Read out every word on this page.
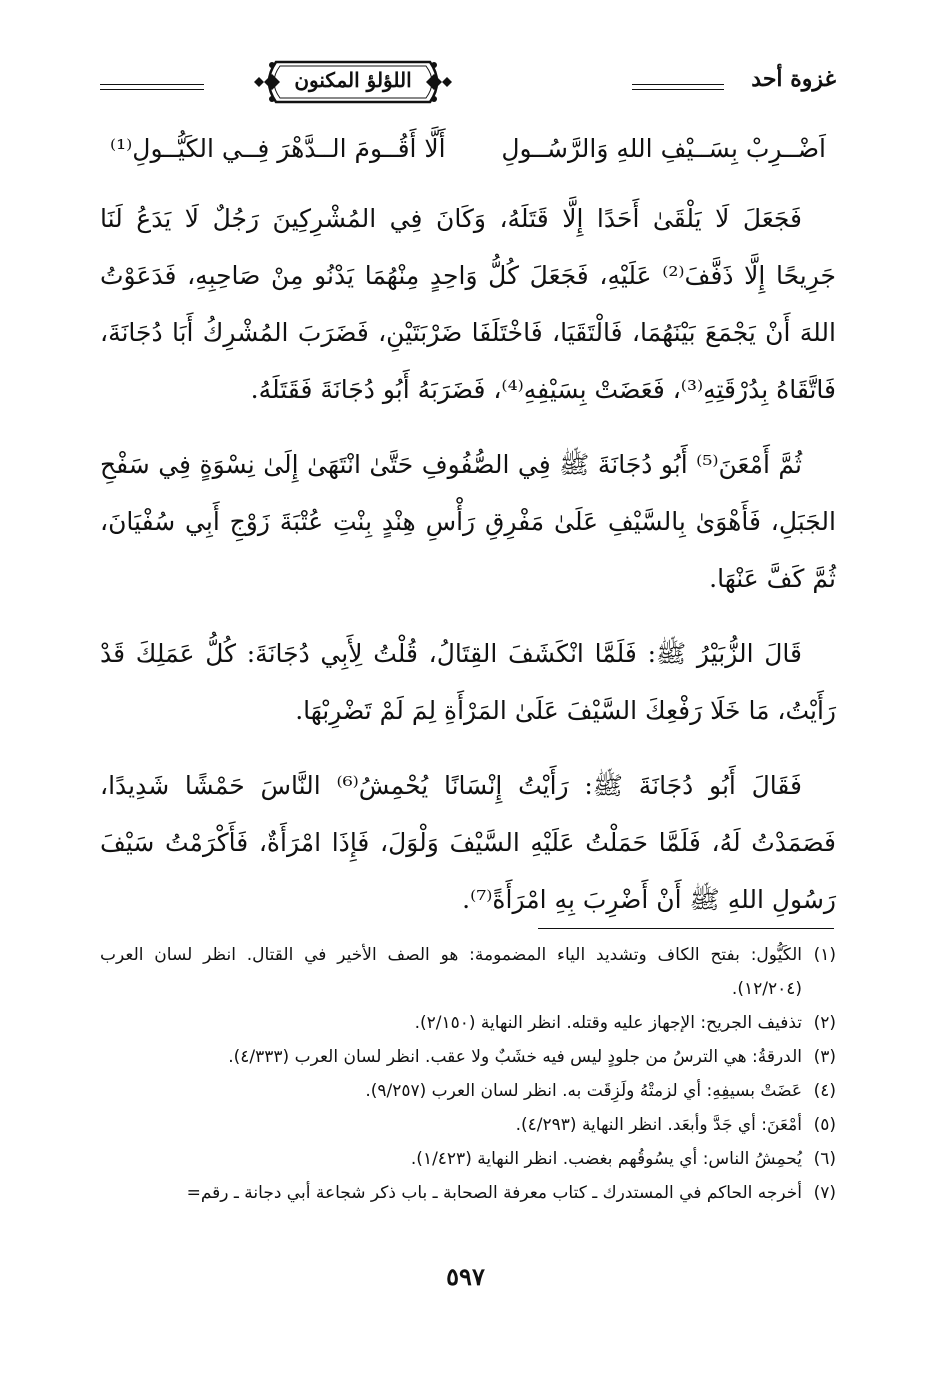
غزوة أحد
اللؤلؤ المكنون
اَضْــرِبْ بِسَــيْفِ اللهِ وَالرَّسُــولِ
أَلَّا أَقُــومَ الــدَّهْرَ فِــي الكَيُّــولِ⁽¹⁾

فَجَعَلَ لَا يَلْقَىٰ أَحَدًا إِلَّا قَتَلَهُ، وَكَانَ فِي المُشْرِكِينَ رَجُلٌ لَا يَدَعُ لَنَا جَرِيحًا إِلَّا ذَفَّفَ⁽²⁾ عَلَيْهِ، فَجَعَلَ كُلُّ وَاحِدٍ مِنْهُمَا يَدْنُو مِنْ صَاحِبِهِ، فَدَعَوْتُ اللهَ أَنْ يَجْمَعَ بَيْنَهُمَا، فَالْتَقَيَا، فَاخْتَلَفَا ضَرْبَتَيْنِ، فَضَرَبَ المُشْرِكُ أَبَا دُجَانَةَ، فَاتَّقَاهُ بِدُرْقَتِهِ⁽³⁾، فَعَضَتْ بِسَيْفِهِ⁽⁴⁾، فَضَرَبَهُ أَبُو دُجَانَةَ فَقَتَلَهُ.

ثُمَّ أَمْعَنَ⁽⁵⁾ أَبُو دُجَانَةَ ﷺ فِي الصُّفُوفِ حَتَّىٰ انْتَهَىٰ إِلَىٰ نِسْوَةٍ فِي سَفْحِ الجَبَلِ، فَأَهْوَىٰ بِالسَّيْفِ عَلَىٰ مَفْرِقِ رَأْسِ هِنْدٍ بِنْتِ عُتْبَةَ زَوْجِ أَبِي سُفْيَانَ، ثُمَّ كَفَّ عَنْهَا.

قَالَ الزُّبَيْرُ ﷺ: فَلَمَّا انْكَشَفَ القِتَالُ، قُلْتُ لِأَبِي دُجَانَةَ: كُلُّ عَمَلِكَ قَدْ رَأَيْتُ، مَا خَلَا رَفْعِكَ السَّيْفَ عَلَىٰ المَرْأَةِ لِمَ لَمْ تَضْرِبْهَا.

فَقَالَ أَبُو دُجَانَةَ ﷺ: رَأَيْتُ إِنْسَانًا يُحْمِشُ⁽⁶⁾ النَّاسَ حَمْشًا شَدِيدًا، فَصَمَدْتُ لَهُ، فَلَمَّا حَمَلْتُ عَلَيْهِ السَّيْفَ وَلْوَلَ، فَإِذَا امْرَأَةٌ، فَأَكْرَمْتُ سَيْفَ رَسُولِ اللهِ ﷺ أَنْ أَضْرِبَ بِهِ امْرَأَةً⁽⁷⁾.

(١)
الكَيُّول: بفتح الكاف وتشديد الياء المضمومة: هو الصف الأخير في القتال. انظر لسان العرب (١٢/٢٠٤).
(٢)
تذفيف الجريح: الإجهاز عليه وقتله. انظر النهاية (٢/١٥٠).
(٣)
الدرقةُ: هي الترسُ من جلودٍ ليس فيه خشَبٌ ولا عقب. انظر لسان العرب (٤/٣٣٣).
(٤)
عَضَتْ بسيفِهِ: أي لزمتْهُ ولَزِقَت به. انظر لسان العرب (٩/٢٥٧).
(٥)
أمْعَنَ: أي جَدَّ وأبعَد. انظر النهاية (٤/٢٩٣).
(٦)
يُحمِشُ الناس: أي يسُوقُهم بغضب. انظر النهاية (١/٤٢٣).
(٧)
أخرجه الحاكم في المستدرك ـ كتاب معرفة الصحابة ـ باب ذكر شجاعة أبي دجانة ـ رقم=
٥٩٧
